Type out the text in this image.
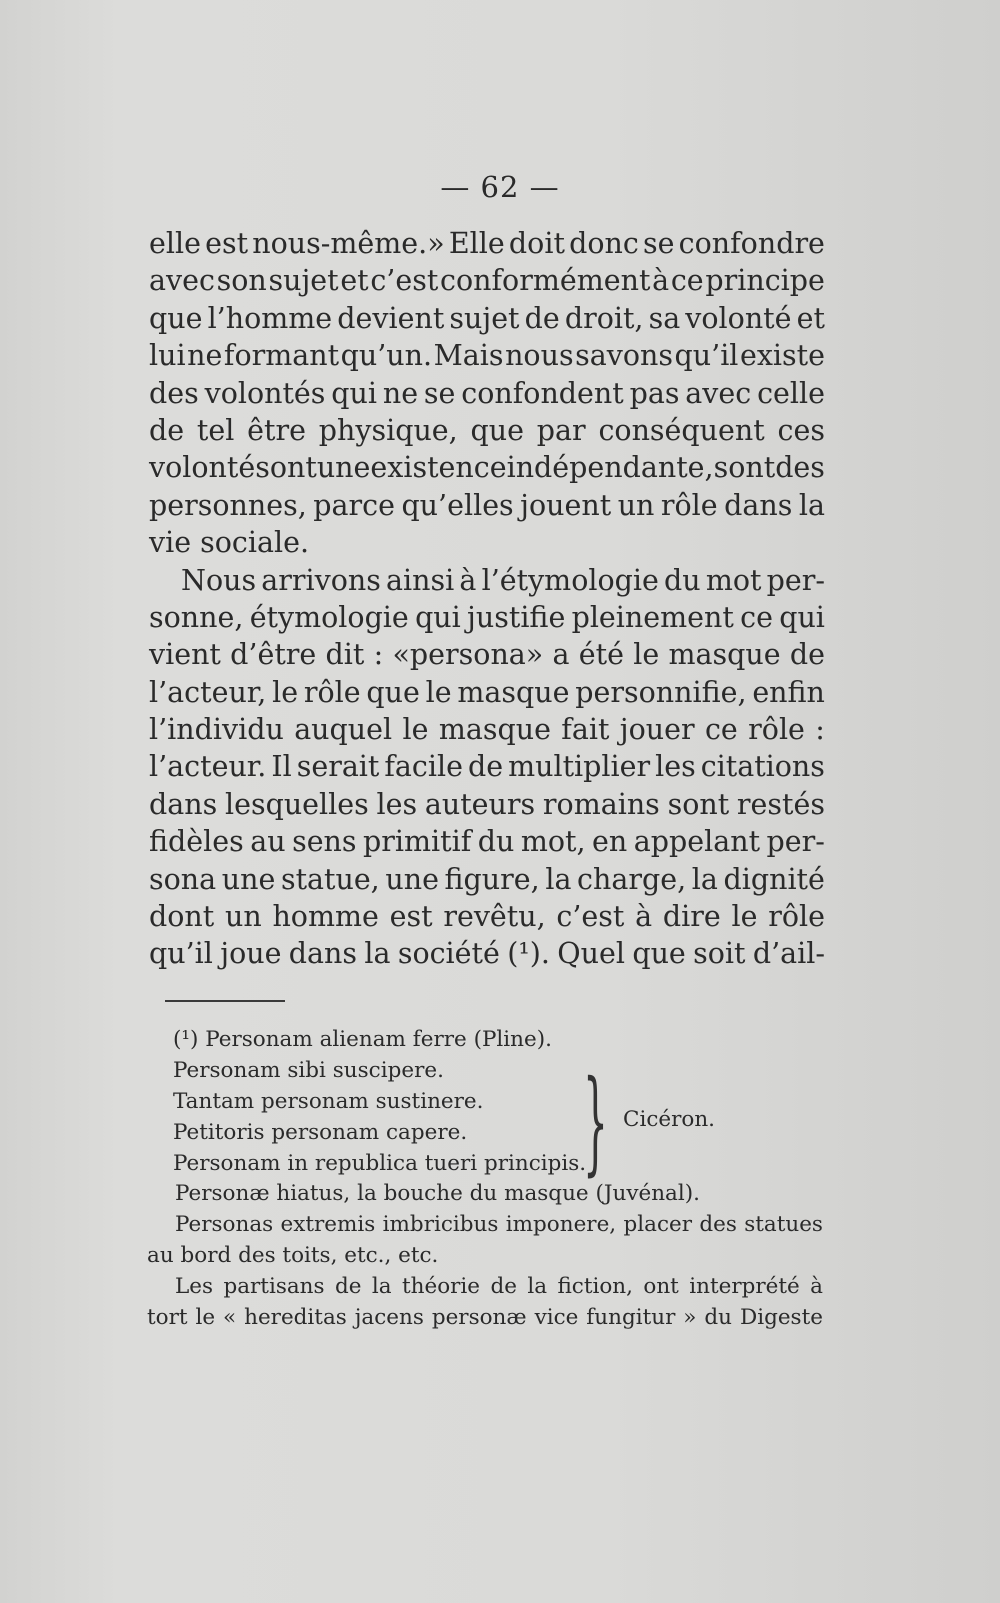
— 62 —
elle est nous-même.» Elle doit donc se confondre
avec son sujet et c’est conformément à ce principe
que l’homme devient sujet de droit, sa volonté et
lui ne formant qu’un. Mais nous savons qu’il existe
des volontés qui ne se confondent pas avec celle
de tel être physique, que par conséquent ces
volontés ont une existence indépendante, sont des
personnes, parce qu’elles jouent un rôle dans la
vie sociale.
Nous arrivons ainsi à l’étymologie du mot per-
sonne, étymologie qui justifie pleinement ce qui
vient d’être dit : «persona» a été le masque de
l’acteur, le rôle que le masque personnifie, enfin
l’individu auquel le masque fait jouer ce rôle :
l’acteur. Il serait facile de multiplier les citations
dans lesquelles les auteurs romains sont restés
fidèles au sens primitif du mot, en appelant per-
sona une statue, une figure, la charge, la dignité
dont un homme est revêtu, c’est à dire le rôle
qu’il joue dans la société (¹). Quel que soit d’ail-
(¹) Personam alienam ferre (Pline).
Personam sibi suscipere.
Tantam personam sustinere.
Petitoris personam capere.
Personam in republica tueri principis.
} Cicéron.
Personæ hiatus, la bouche du masque (Juvénal).
Personas extremis imbricibus imponere, placer des statues
au bord des toits, etc., etc.
Les partisans de la théorie de la fiction, ont interprété à
tort le « hereditas jacens personæ vice fungitur » du Digeste
